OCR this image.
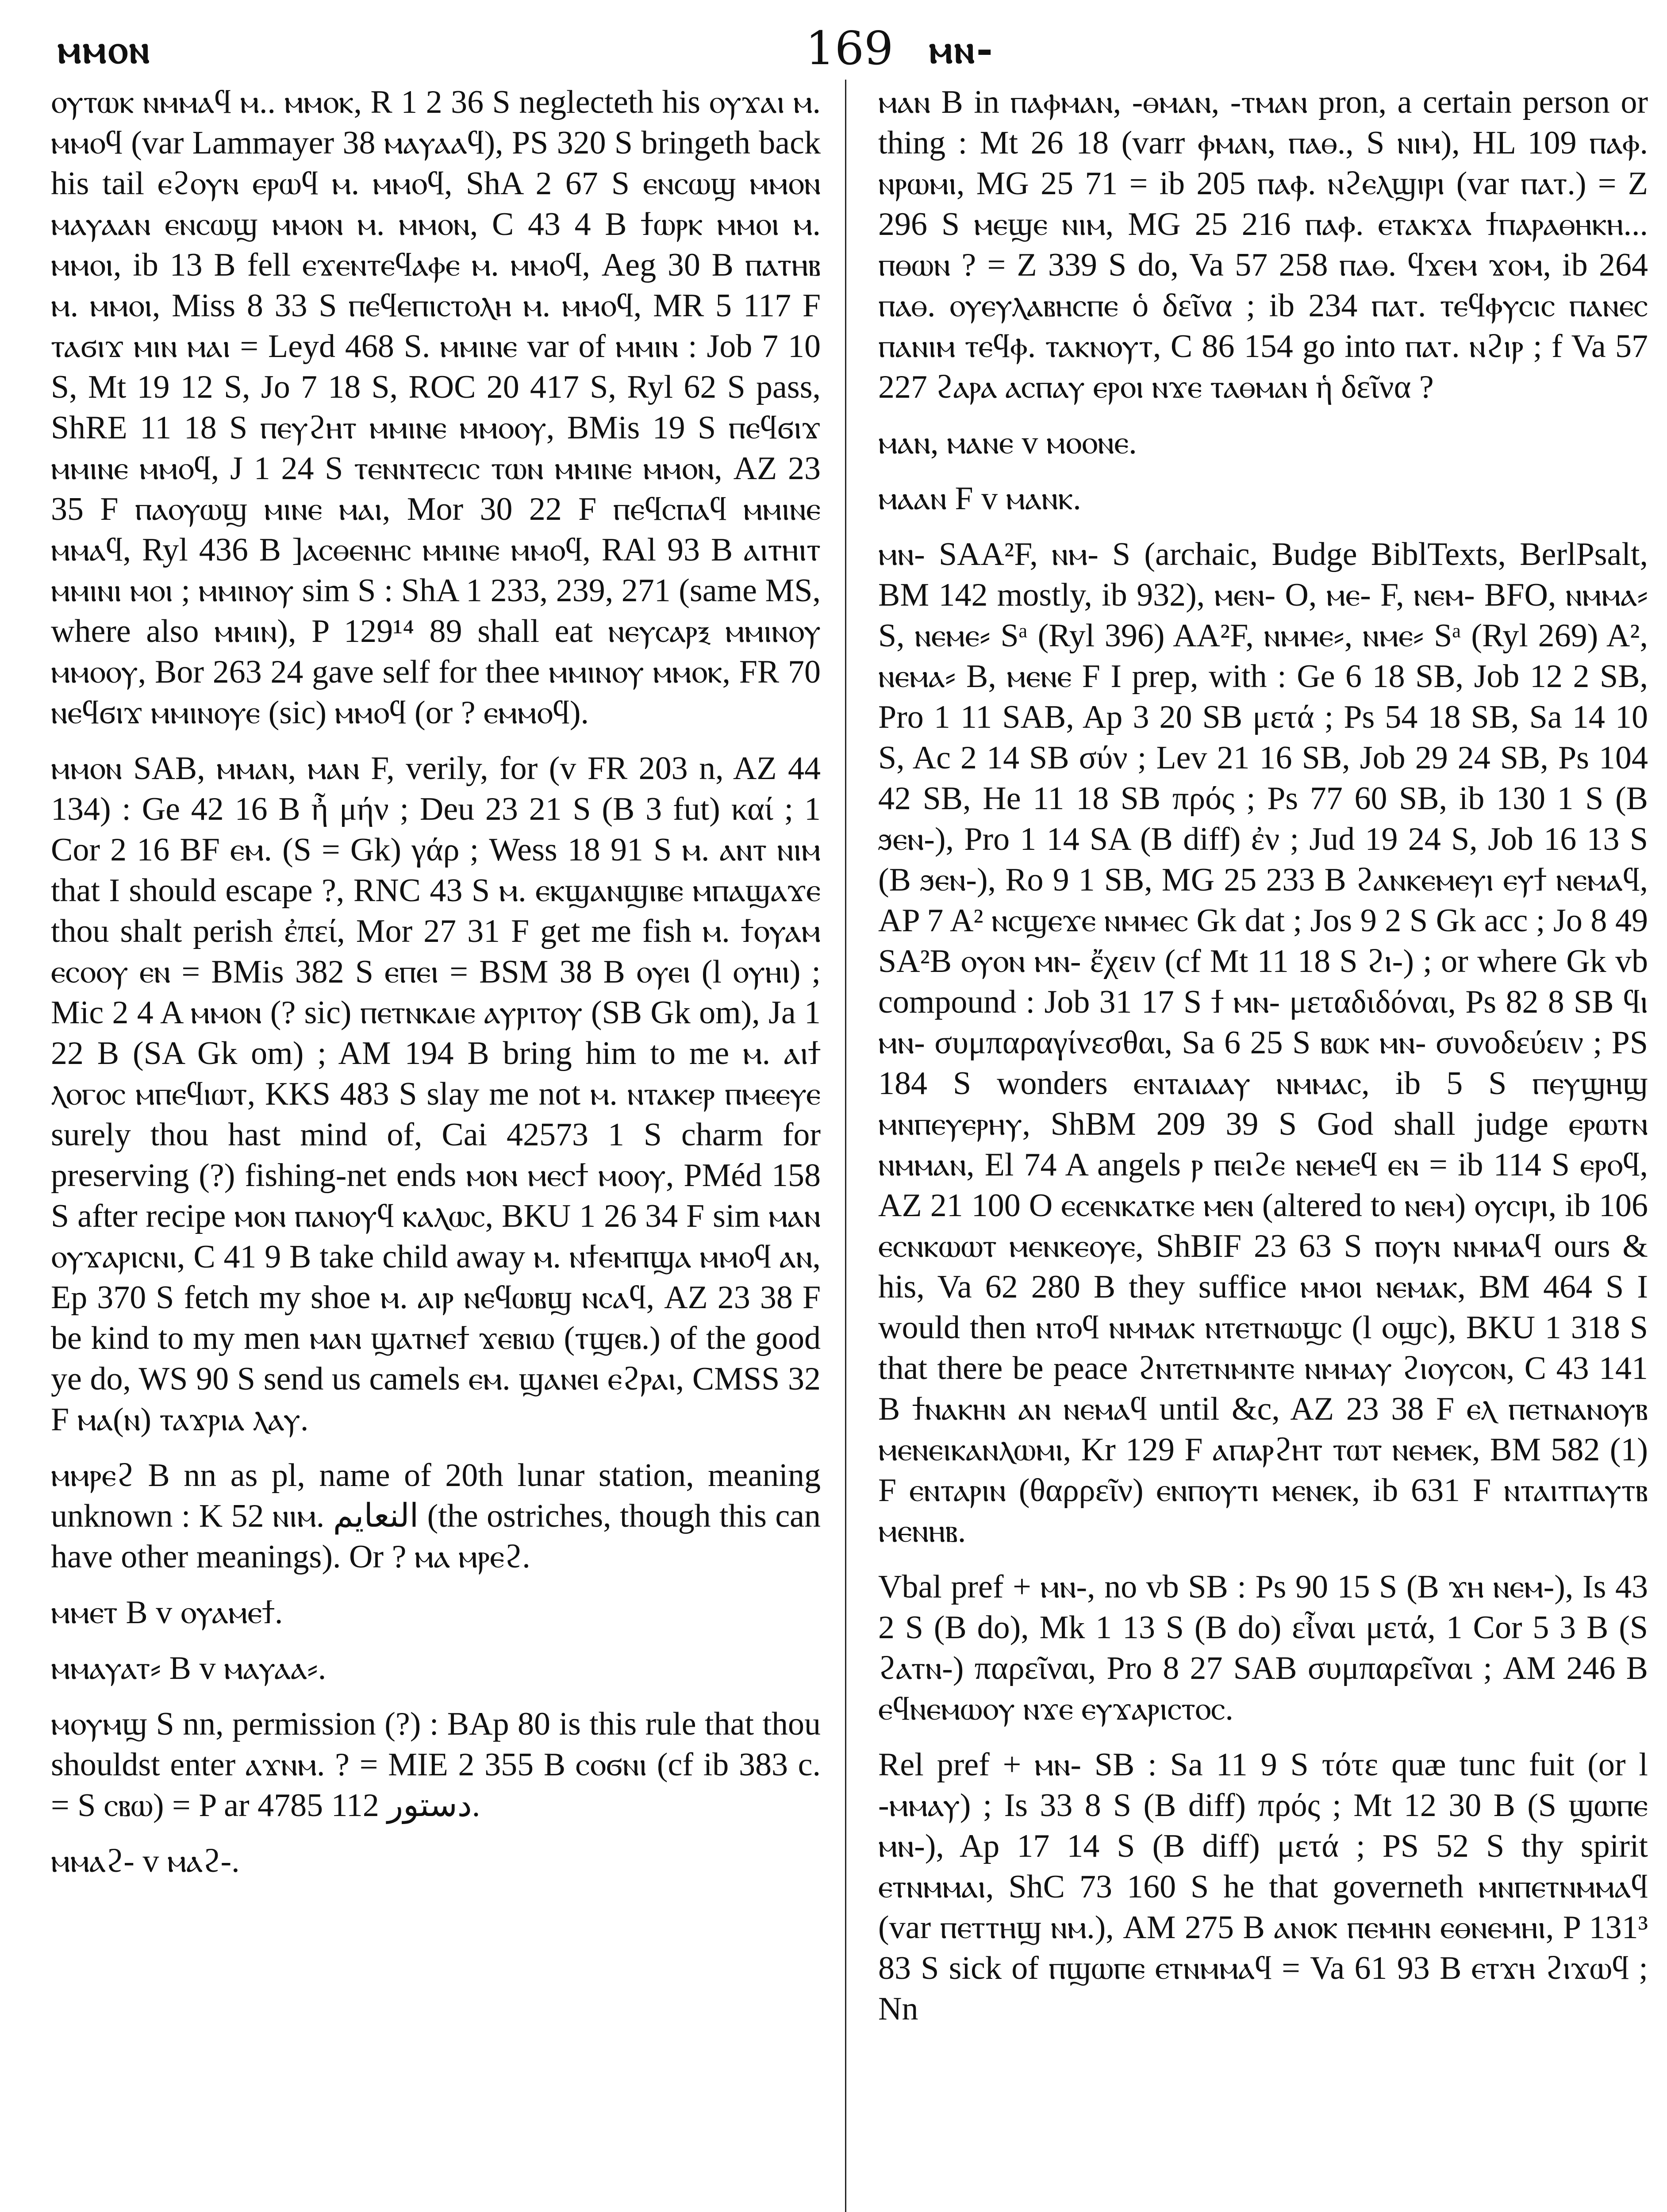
ⲙⲙⲟⲛ	169 ⲙⲛ-

ⲟⲩⲧⲱⲕ ⲛⲙⲙⲁϥ ⲙ.. ⲙⲙⲟⲕ, R 1 2 36 S neglecteth his ⲟⲩϫⲁⲓ ⲙ. ⲙⲙⲟϥ (var Lammayer 38 ⲙⲁⲩⲁⲁϥ), PS 320 S bringeth back his tail ⲉϩⲟⲩⲛ ⲉⲣⲱϥ ⲙ. ⲙⲙⲟϥ, ShA 2 67 S ⲉⲛⲥⲱϣ ⲙⲙⲟⲛ ⲙⲁⲩⲁⲁⲛ ⲉⲛⲥⲱϣ ⲙⲙⲟⲛ ⲙ. ⲙⲙⲟⲛ, C 43 4 B ϯⲱⲣⲕ ⲙⲙⲟⲓ ⲙ. ⲙⲙⲟⲓ, ib 13 B fell ⲉϫⲉⲛⲧⲉϥⲁⲫⲉ ⲙ. ⲙⲙⲟϥ, Aeg 30 B ⲡⲁⲧⲏⲃ ⲙ. ⲙⲙⲟⲓ, Miss 8 33 S ⲡⲉϥⲉⲡⲓⲥⲧⲟⲗⲏ ⲙ. ⲙⲙⲟϥ, MR 5 117 F ⲧⲁϭⲓϫ ⲙⲓⲛ ⲙⲁⲓ = Leyd 468 S. ⲙⲙⲓⲛⲉ var of ⲙⲙⲓⲛ : Job 7 10 S, Mt 19 12 S, Jo 7 18 S, ROC 20 417 S, Ryl 62 S pass, ShRE 11 18 S ⲡⲉⲩϩⲏⲧ ⲙⲙⲓⲛⲉ ⲙⲙⲟⲟⲩ, BMis 19 S ⲡⲉϥϭⲓϫ ⲙⲙⲓⲛⲉ ⲙⲙⲟϥ, J 1 24 S ⲧⲉⲛⲛⲧⲉⲥⲓⲥ ⲧⲱⲛ ⲙⲙⲓⲛⲉ ⲙⲙⲟⲛ, AZ 23 35 F ⲡⲁⲟⲩⲱϣ ⲙⲓⲛⲉ ⲙⲁⲓ, Mor 30 22 F ⲡⲉϥⲥⲡⲁϥ ⲙⲙⲓⲛⲉ ⲙⲙⲁϥ, Ryl 436 B ]ⲁⲥⲑⲉⲛⲏⲥ ⲙⲙⲓⲛⲉ ⲙⲙⲟϥ, RAl 93 B ⲁⲓⲧⲏⲓⲧ ⲙⲙⲓⲛⲓ ⲙⲟⲓ ; ⲙⲙⲓⲛⲟⲩ sim S : ShA 1 233, 239, 271 (same MS, where also ⲙⲙⲓⲛ), P 129¹⁴ 89 shall eat ⲛⲉⲩⲥⲁⲣⲝ ⲙⲙⲓⲛⲟⲩ ⲙⲙⲟⲟⲩ, Bor 263 24 gave self for thee ⲙⲙⲓⲛⲟⲩ ⲙⲙⲟⲕ, FR 70 ⲛⲉϥϭⲓϫ ⲙⲙⲓⲛⲟⲩⲉ (sic) ⲙⲙⲟϥ (or ? ⲉⲙⲙⲟϥ).

ⲙⲙⲟⲛ SAB, ⲙⲙⲁⲛ, ⲙⲁⲛ F, verily, for (v FR 203 n, AZ 44 134) : Ge 42 16 B ἦ μήν ; Deu 23 21 S (B 3 fut) καί ; 1 Cor 2 16 BF ⲉⲙ. (S = Gk) γάρ ; Wess 18 91 S ⲙ. ⲁⲛⲧ ⲛⲓⲙ that I should escape ?, RNC 43 S ⲙ. ⲉⲕϣⲁⲛϣⲓⲃⲉ ⲙⲡⲁϣⲁϫⲉ thou shalt perish ἐπεί, Mor 27 31 F get me fish ⲙ. ϯⲟⲩⲁⲙ ⲉⲥⲟⲟⲩ ⲉⲛ = BMis 382 S ⲉⲡⲉⲓ = BSM 38 B ⲟⲩⲉⲓ (l ⲟⲩⲏⲓ) ; Mic 2 4 A ⲙⲙⲟⲛ (? sic) ⲡⲉⲧⲛⲕⲁⲓⲉ ⲁⲩⲣⲓⲧⲟⲩ (SB Gk om), Ja 1 22 B (SA Gk om) ; AM 194 B bring him to me ⲙ. ⲁⲓϯ ⲗⲟⲅⲟⲥ ⲙⲡⲉϥⲓⲱⲧ, KKS 483 S slay me not ⲙ. ⲛⲧⲁⲕⲉⲣ ⲡⲙⲉⲉⲩⲉ surely thou hast mind of, Cai 42573 1 S charm for preserving (?) fishing-net ends ⲙⲟⲛ ⲙⲉⲥϯ ⲙⲟⲟⲩ, PMéd 158 S after recipe ⲙⲟⲛ ⲡⲁⲛⲟⲩϥ ⲕⲁⲗⲱⲥ, BKU 1 26 34 F sim ⲙⲁⲛ ⲟⲩϫⲁⲣⲓⲥⲛⲓ, C 41 9 B take child away ⲙ. ⲛϯⲉⲙⲡϣⲁ ⲙⲙⲟϥ ⲁⲛ, Ep 370 S fetch my shoe ⲙ. ⲁⲓⲣ ⲛⲉϥⲱⲃϣ ⲛⲥⲁϥ, AZ 23 38 F be kind to my men ⲙⲁⲛ ϣⲁⲧⲛⲉϯ ϫⲉⲃⲓⲱ (ⲧϣⲉⲃ.) of the good ye do, WS 90 S send us camels ⲉⲙ. ϣⲁⲛⲉⲓ ⲉϩⲣⲁⲓ, CMSS 32 F ⲙⲁ(ⲛ) ⲧⲁϫⲣⲓⲁ ⲗⲁⲩ.

ⲙⲙⲣⲉϩ B nn as pl, name of 20th lunar station, meaning unknown : K 52 ⲛⲓⲙ. النعايم (the ostriches, though this can have other meanings). Or ? ⲙⲁ ⲙⲣⲉϩ.

ⲙⲙⲉⲧ B v ⲟⲩⲁⲙⲉϯ.

ⲙⲙⲁⲩⲁⲧ⸗ B v ⲙⲁⲩⲁⲁ⸗.

ⲙⲟⲩⲙϣ S nn, permission (?) : BAp 80 is this rule that thou shouldst enter ⲁϫⲛⲙ. ? = MIE 2 355 B ⲥⲟϭⲛⲓ (cf ib 383 c. = S ⲥⲃⲱ) = P ar 4785 112 دستور.

ⲙⲙⲁϩ- v ⲙⲁϩ-.

ⲙⲁⲛ B in ⲡⲁⲫⲙⲁⲛ, -ⲑⲙⲁⲛ, -ⲧⲙⲁⲛ pron, a certain person or thing : Mt 26 18 (varr ⲫⲙⲁⲛ, ⲡⲁⲑ., S ⲛⲓⲙ), HL 109 ⲡⲁⲫ. ⲛⲣⲱⲙⲓ, MG 25 71 = ib 205 ⲡⲁⲫ. ⲛϩⲉⲗϣⲓⲣⲓ (var ⲡⲁⲧ.) = Z 296 S ⲙⲉϣⲉ ⲛⲓⲙ, MG 25 216 ⲡⲁⲫ. ⲉⲧⲁⲕϫⲁ ϯⲡⲁⲣⲁⲑⲏⲕⲏ... ⲡⲑⲱⲛ ? = Z 339 S do, Va 57 258 ⲡⲁⲑ. ϥϫⲉⲙ ϫⲟⲙ, ib 264 ⲡⲁⲑ. ⲟⲩⲉⲩⲗⲁⲃⲏⲥⲡⲉ ὁ δεῖνα ; ib 234 ⲡⲁⲧ. ⲧⲉϥⲫⲩⲥⲓⲥ ⲡⲁⲛⲉⲥ ⲡⲁⲛⲓⲙ ⲧⲉϥⲫ. ⲧⲁⲕⲛⲟⲩⲧ, C 86 154 go into ⲡⲁⲧ. ⲛϩⲓⲣ ; f Va 57 227 ϩⲁⲣⲁ ⲁⲥⲡⲁⲩ ⲉⲣⲟⲓ ⲛϫⲉ ⲧⲁⲑⲙⲁⲛ ἡ δεῖνα ?

ⲙⲁⲛ, ⲙⲁⲛⲉ v ⲙⲟⲟⲛⲉ.

ⲙⲁⲁⲛ F v ⲙⲁⲛⲕ.

ⲙⲛ- SAA²F, ⲛⲙ- S (archaic, Budge BiblTexts, BerlPsalt, BM 142 mostly, ib 932), ⲙⲉⲛ- O, ⲙⲉ- F, ⲛⲉⲙ- BFO, ⲛⲙⲙⲁ⸗ S, ⲛⲉⲙⲉ⸗ Sᵃ (Ryl 396) AA²F, ⲛⲙⲙⲉ⸗, ⲛⲙⲉ⸗ Sᵃ (Ryl 269) A², ⲛⲉⲙⲁ⸗ B, ⲙⲉⲛⲉ F I prep, with : Ge 6 18 SB, Job 12 2 SB, Pro 1 11 SAB, Ap 3 20 SB μετά ; Ps 54 18 SB, Sa 14 10 S, Ac 2 14 SB σύν ; Lev 21 16 SB, Job 29 24 SB, Ps 104 42 SB, He 11 18 SB πρός ; Ps 77 60 SB, ib 130 1 S (B ϧⲉⲛ-), Pro 1 14 SA (B diff) ἐν ; Jud 19 24 S, Job 16 13 S (B ϧⲉⲛ-), Ro 9 1 SB, MG 25 233 B ϩⲁⲛⲕⲉⲙⲉⲩⲓ ⲉⲩϯ ⲛⲉⲙⲁϥ, AP 7 A² ⲛⲥϣⲉϫⲉ ⲛⲙⲙⲉⲥ Gk dat ; Jos 9 2 S Gk acc ; Jo 8 49 SA²B ⲟⲩⲟⲛ ⲙⲛ- ἔχειν (cf Mt 11 18 S ϩⲓ-) ; or where Gk vb compound : Job 31 17 S ϯ ⲙⲛ- μεταδιδόναι, Ps 82 8 SB ϥⲓ ⲙⲛ- συμπαραγίνεσθαι, Sa 6 25 S ⲃⲱⲕ ⲙⲛ- συνοδεύειν ; PS 184 S wonders ⲉⲛⲧⲁⲓⲁⲁⲩ ⲛⲙⲙⲁⲥ, ib 5 S ⲡⲉⲩϣⲏϣ ⲙⲛⲡⲉⲩⲉⲣⲏⲩ, ShBM 209 39 S God shall judge ⲉⲣⲱⲧⲛ ⲛⲙⲙⲁⲛ, El 74 A angels ⲣ ⲡⲉⲓϩⲉ ⲛⲉⲙⲉϥ ⲉⲛ = ib 114 S ⲉⲣⲟϥ, AZ 21 100 O ⲉⲥⲉⲛⲕⲁⲧⲕⲉ ⲙⲉⲛ (altered to ⲛⲉⲙ) ⲟⲩⲥⲓⲣⲓ, ib 106 ⲉⲥⲛⲕⲱⲱⲧ ⲙⲉⲛⲕⲉⲟⲩⲉ, ShBIF 23 63 S ⲡⲟⲩⲛ ⲛⲙⲙⲁϥ ours & his, Va 62 280 B they suffice ⲙⲙⲟⲓ ⲛⲉⲙⲁⲕ, BM 464 S I would then ⲛⲧⲟϥ ⲛⲙⲙⲁⲕ ⲛⲧⲉⲧⲛⲱϣⲥ (l ⲟϣⲥ), BKU 1 318 S that there be peace ϩⲛⲧⲉⲧⲛⲙⲛⲧⲉ ⲛⲙⲙⲁⲩ ϩⲓⲟⲩⲥⲟⲛ, C 43 141 B ϯⲛⲁⲕⲏⲛ ⲁⲛ ⲛⲉⲙⲁϥ until &c, AZ 23 38 F ⲉⲗ ⲡⲉⲧⲛⲁⲛⲟⲩⲃ ⲙⲉⲛⲉⲓⲕⲁⲛⲗⲱⲙⲓ, Kr 129 F ⲁⲡⲁⲣϩⲏⲧ ⲧⲱⲧ ⲛⲉⲙⲉⲕ, BM 582 (1) F ⲉⲛⲧⲁⲣⲓⲛ (θαρρεῖν) ⲉⲛⲡⲟⲩⲧⲓ ⲙⲉⲛⲉⲕ, ib 631 F ⲛⲧⲁⲓⲧⲡⲁⲩⲧⲃ ⲙⲉⲛⲏⲃ.

Vbal pref + ⲙⲛ-, no vb SB : Ps 90 15 S (B ϫⲏ ⲛⲉⲙ-), Is 43 2 S (B do), Mk 1 13 S (B do) εἶναι μετά, 1 Cor 5 3 B (S ϩⲁⲧⲛ-) παρεῖναι, Pro 8 27 SAB συμπαρεῖναι ; AM 246 B ⲉϥⲛⲉⲙⲱⲟⲩ ⲛϫⲉ ⲉⲩϫⲁⲣⲓⲥⲧⲟⲥ.

Rel pref + ⲙⲛ- SB : Sa 11 9 S τότε quæ tunc fuit (or l -ⲙⲙⲁⲩ) ; Is 33 8 S (B diff) πρός ; Mt 12 30 B (S ϣⲱⲡⲉ ⲙⲛ-), Ap 17 14 S (B diff) μετά ; PS 52 S thy spirit ⲉⲧⲛⲙⲙⲁⲓ, ShC 73 160 S he that governeth ⲙⲛⲡⲉⲧⲛⲙⲙⲁϥ (var ⲡⲉⲧⲧⲏϣ ⲛⲙ.), AM 275 B ⲁⲛⲟⲕ ⲡⲉⲙⲏⲛ ⲉⲑⲛⲉⲙⲏⲓ, P 131³ 83 S sick of ⲡϣⲱⲡⲉ ⲉⲧⲛⲙⲙⲁϥ = Va 61 93 B ⲉⲧϫⲏ ϩⲓϫⲱϥ ; Nn
